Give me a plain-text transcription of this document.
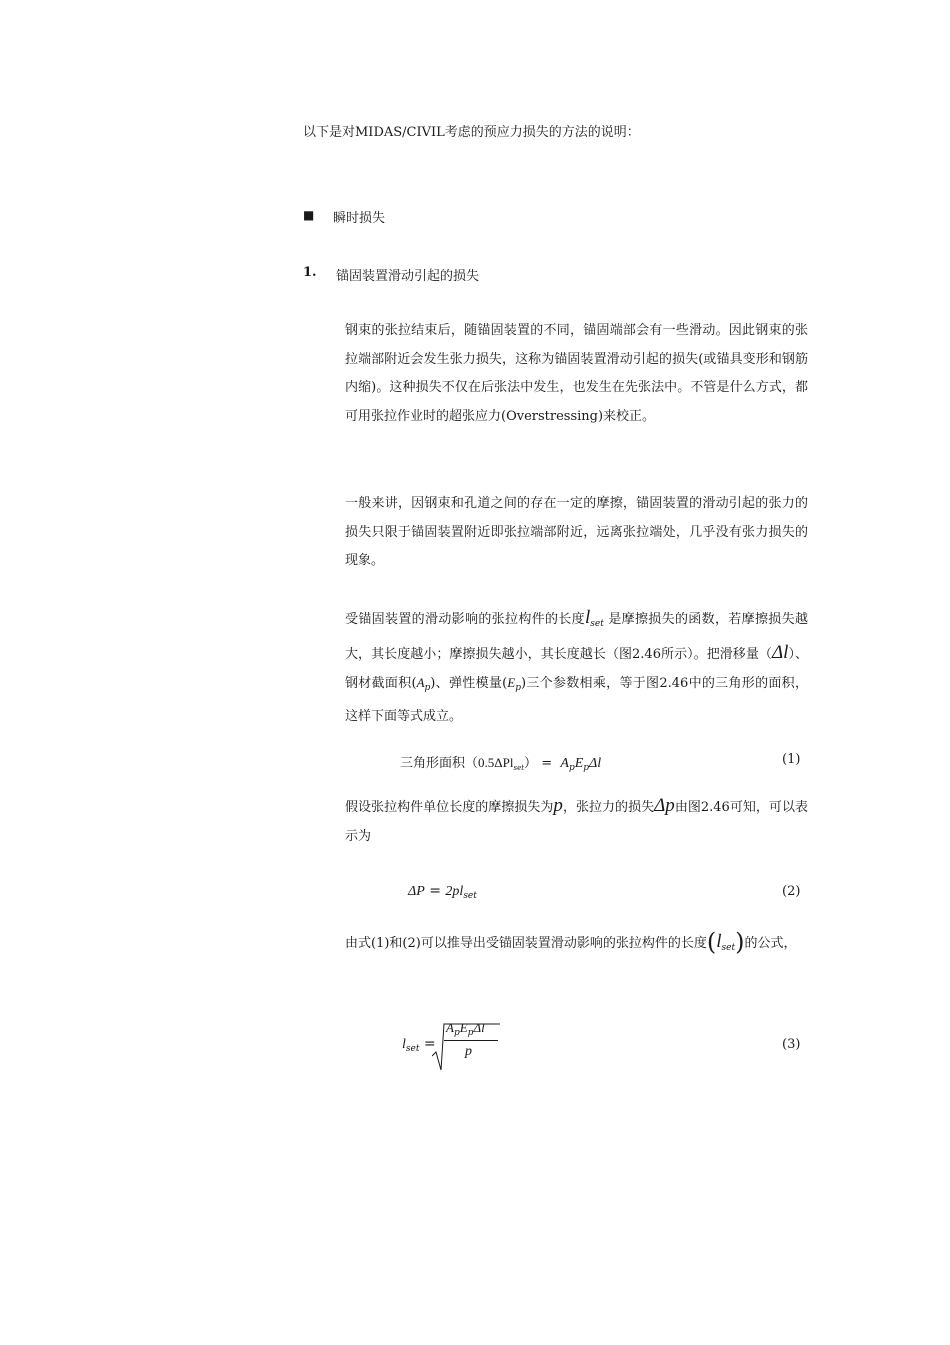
以下是对MIDAS/CIVIL考虑的预应力损失的方法的说明：
■ 瞬时损失
1. 锚固装置滑动引起的损失
钢束的张拉结束后，随锚固装置的不同，锚固端部会有一些滑动。因此钢束的张拉端部附近会发生张力损失，这称为锚固装置滑动引起的损失(或锚具变形和钢筋内缩)。这种损失不仅在后张法中发生，也发生在先张法中。不管是什么方式，都可用张拉作业时的超张应力(Overstressing)来校正。
一般来讲，因钢束和孔道之间的存在一定的摩擦，锚固装置的滑动引起的张力的损失只限于锚固装置附近即张拉端部附近，远离张拉端处，几乎没有张力损失的现象。
受锚固装置的滑动影响的张拉构件的长度$l_{set}$ 是摩擦损失的函数，若摩擦损失越大，其长度越小；摩擦损失越小，其长度越长（图2.46所示）。把滑移量（Δl）、钢材截面积$(A_p)$、弹性模量$(E_p)$三个参数相乘，等于图2.46中的三角形的面积，这样下面等式成立。
三角形面积$(0.5\Delta Pl_{set}) = A_pE_p\Delta l$	(1)
假设张拉构件单位长度的摩擦损失为p，张拉力的损失Δp由图2.46可知，可以表示为
$\Delta P = 2pl_{set}$	(2)
由式(1)和(2)可以推导出受锚固装置滑动影响的张拉构件的长度$(l_{set})$的公式，
$l_{set}$ =
$A_pE_p\Delta l$
p	(3)
